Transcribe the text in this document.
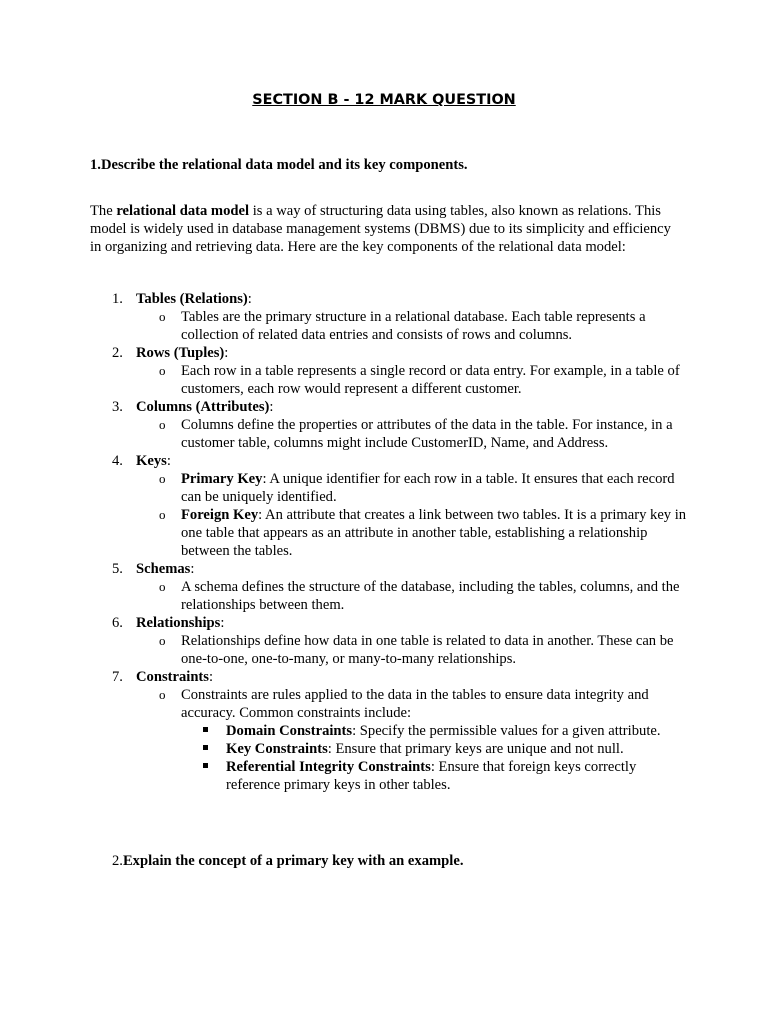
SECTION B - 12 MARK QUESTION

1.Describe the relational data model and its key components.

The relational data model is a way of structuring data using tables, also known as relations. This model is widely used in database management systems (DBMS) due to its simplicity and efficiency in organizing and retrieving data. Here are the key components of the relational data model:

1. Tables (Relations):
o Tables are the primary structure in a relational database. Each table represents a collection of related data entries and consists of rows and columns.
2. Rows (Tuples):
o Each row in a table represents a single record or data entry. For example, in a table of customers, each row would represent a different customer.
3. Columns (Attributes):
o Columns define the properties or attributes of the data in the table. For instance, in a customer table, columns might include CustomerID, Name, and Address.
4. Keys:
o Primary Key: A unique identifier for each row in a table. It ensures that each record can be uniquely identified.
o Foreign Key: An attribute that creates a link between two tables. It is a primary key in one table that appears as an attribute in another table, establishing a relationship between the tables.
5. Schemas:
o A schema defines the structure of the database, including the tables, columns, and the relationships between them.
6. Relationships:
o Relationships define how data in one table is related to data in another. These can be one-to-one, one-to-many, or many-to-many relationships.
7. Constraints:
o Constraints are rules applied to the data in the tables to ensure data integrity and accuracy. Common constraints include:
Domain Constraints: Specify the permissible values for a given attribute.
Key Constraints: Ensure that primary keys are unique and not null.
Referential Integrity Constraints: Ensure that foreign keys correctly reference primary keys in other tables.

2.Explain the concept of a primary key with an example.
